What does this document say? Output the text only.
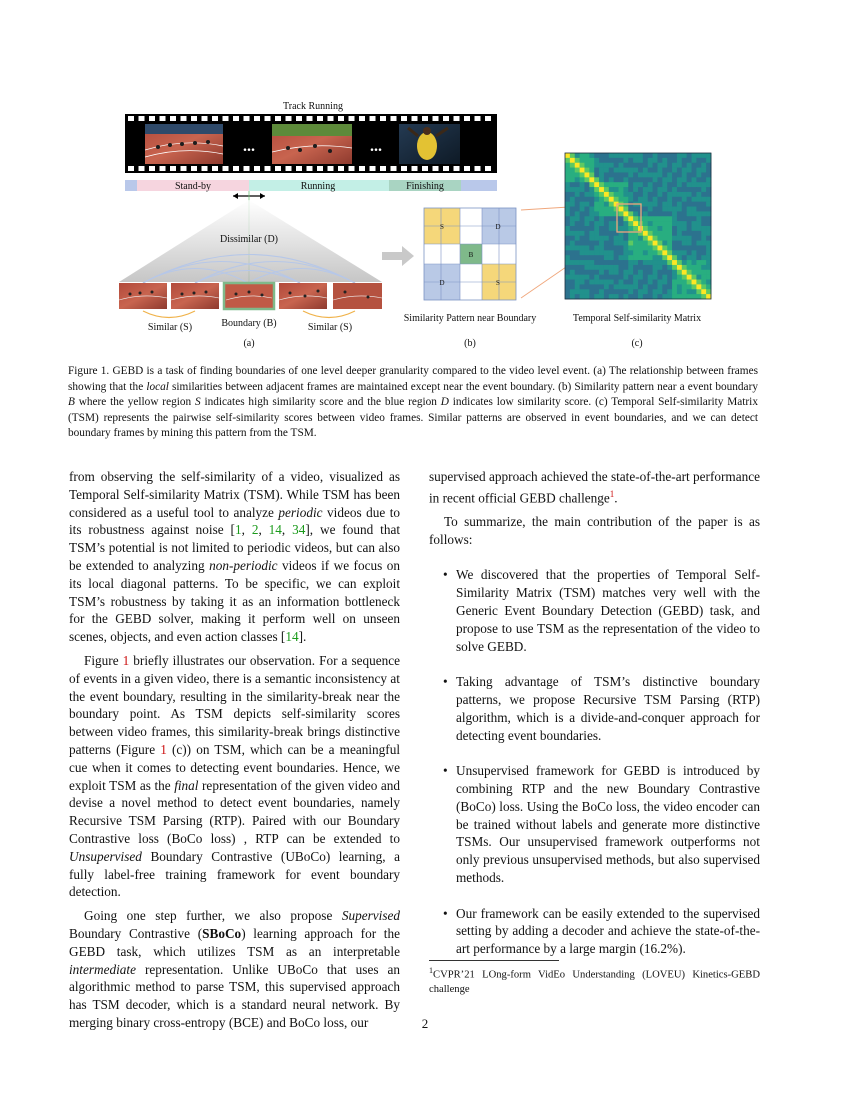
Track Running
...	...
Stand-by	Running	Finishing
Dissimilar (D)
Similar (S)	Boundary (B)	Similar (S)
(a)
S	D
B
D	S
Similarity Pattern near Boundary
(b)
Temporal Self-similarity Matrix
(c)
Figure 1. GEBD is a task of finding boundaries of one level deeper granularity compared to the video level event. (a) The relationship between frames showing that the local similarities between adjacent frames are maintained except near the event boundary. (b) Similarity pattern near a event boundary B where the yellow region S indicates high similarity score and the blue region D indicates low similarity score. (c) Temporal Self-similarity Matrix (TSM) represents the pairwise self-similarity scores between video frames. Similar patterns are observed in event boundaries, and we can detect boundary frames by mining this pattern from the TSM.

from observing the self-similarity of a video, visualized as Temporal Self-similarity Matrix (TSM). While TSM has been considered as a useful tool to analyze periodic videos due to its robustness against noise [1, 2, 14, 34], we found that TSM’s potential is not limited to periodic videos, but can also be extended to analyzing non-periodic videos if we focus on its local diagonal patterns. To be specific, we can exploit TSM’s robustness by taking it as an information bottleneck for the GEBD solver, making it perform well on unseen scenes, objects, and even action classes [14].

Figure 1 briefly illustrates our observation. For a sequence of events in a given video, there is a semantic inconsistency at the event boundary, resulting in the similarity-break near the boundary point. As TSM depicts self-similarity scores between video frames, this similarity-break brings distinctive patterns (Figure 1 (c)) on TSM, which can be a meaningful cue when it comes to detecting event boundaries. Hence, we exploit TSM as the final representation of the given video and devise a novel method to detect event boundaries, namely Recursive TSM Parsing (RTP). Paired with our Boundary Contrastive loss (BoCo loss) , RTP can be extended to Unsupervised Boundary Contrastive (UBoCo) learning, a fully label-free training framework for event boundary detection.

Going one step further, we also propose Supervised Boundary Contrastive (SBoCo) learning approach for the GEBD task, which utilizes TSM as an interpretable intermediate representation. Unlike UBoCo that uses an algorithmic method to parse TSM, this supervised approach has TSM decoder, which is a standard neural network. By merging binary cross-entropy (BCE) and BoCo loss, our

supervised approach achieved the state-of-the-art performance in recent official GEBD challenge$^1$.

To summarize, the main contribution of the paper is as follows:

• We discovered that the properties of Temporal Self-Similarity Matrix (TSM) matches very well with the Generic Event Boundary Detection (GEBD) task, and propose to use TSM as the representation of the video to solve GEBD.
• Taking advantage of TSM’s distinctive boundary patterns, we propose Recursive TSM Parsing (RTP) algorithm, which is a divide-and-conquer approach for detecting event boundaries.
• Unsupervised framework for GEBD is introduced by combining RTP and the new Boundary Contrastive (BoCo) loss. Using the BoCo loss, the video encoder can be trained without labels and generate more distinctive TSMs. Our unsupervised framework outperforms not only previous unsupervised methods, but also supervised methods.
• Our framework can be easily extended to the supervised setting by adding a decoder and achieve the state-of-the-art performance by a large margin (16.2%).
$^1$CVPR’21 LOng-form VidEo Understanding (LOVEU) Kinetics-GEBD challenge
2
